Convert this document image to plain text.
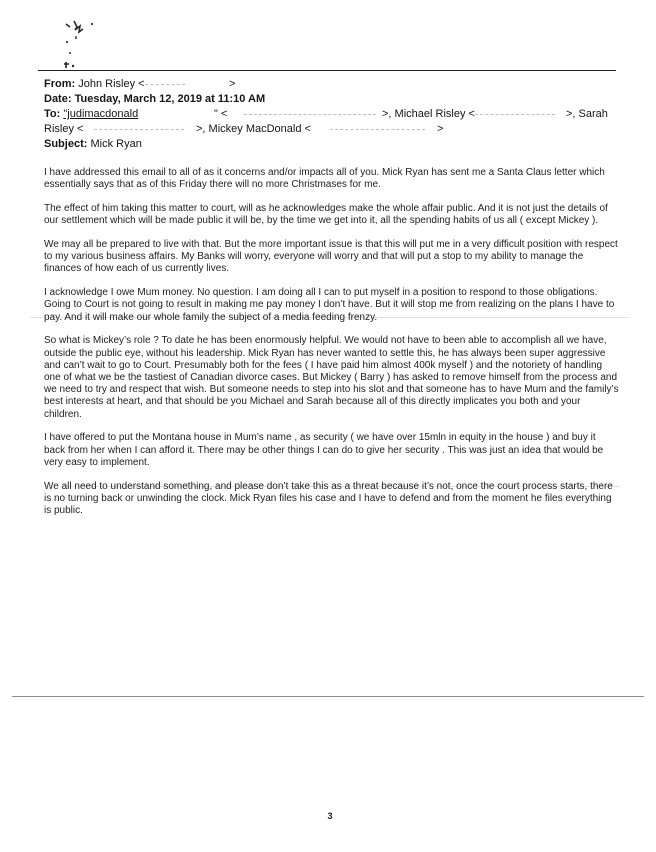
From: John Risley <	>
Date: Tuesday, March 12, 2019 at 11:10 AM
To: "judimacdonald	" <	>, Michael Risley <	>, Sarah
Risley <	>, Mickey MacDonald <	>
Subject: Mick Ryan

I have addressed this email to all of as it concerns and/or impacts all of you. Mick Ryan has sent me a Santa Claus letter which essentially says that as of this Friday there will no more Christmases for me.

The effect of him taking this matter to court, will as he acknowledges make the whole affair public. And it is not just the details of our settlement which will be made public it will be, by the time we get into it, all the spending habits of us all ( except Mickey ).

We may all be prepared to live with that. But the more important issue is that this will put me in a very difficult position with respect to my various business affairs. My Banks will worry, everyone will worry and that will put a stop to my ability to manage the finances of how each of us currently lives.

I acknowledge I owe Mum money. No question. I am doing all I can to put myself in a position to respond to those obligations. Going to Court is not going to result in making me pay money I don’t have. But it will stop me from realizing on the plans I have to pay. And it will make our whole family the subject of a media feeding frenzy.

So what is Mickey’s role ? To date he has been enormously helpful. We would not have to been able to accomplish all we have, outside the public eye, without his leadership. Mick Ryan has never wanted to settle this, he has always been super aggressive and can’t wait to go to Court. Presumably both for the fees ( I have paid him almost 400k myself ) and the notoriety of handling one of what we be the tastiest of Canadian divorce cases. But Mickey ( Barry ) has asked to remove himself from the process and we need to try and respect that wish. But someone needs to step into his slot and that someone has to have Mum and the family’s best interests at heart, and that should be you Michael and Sarah because all of this directly implicates you both and your children.

I have offered to put the Montana house in Mum’s name , as security ( we have over 15mln in equity in the house ) and buy it back from her when I can afford it. There may be other things I can do to give her security . This was just an idea that would be very easy to implement.

We all need to understand something, and please don’t take this as a threat because it’s not, once the court process starts, there is no turning back or unwinding the clock. Mick Ryan files his case and I have to defend and from the moment he files everything is public.

3
